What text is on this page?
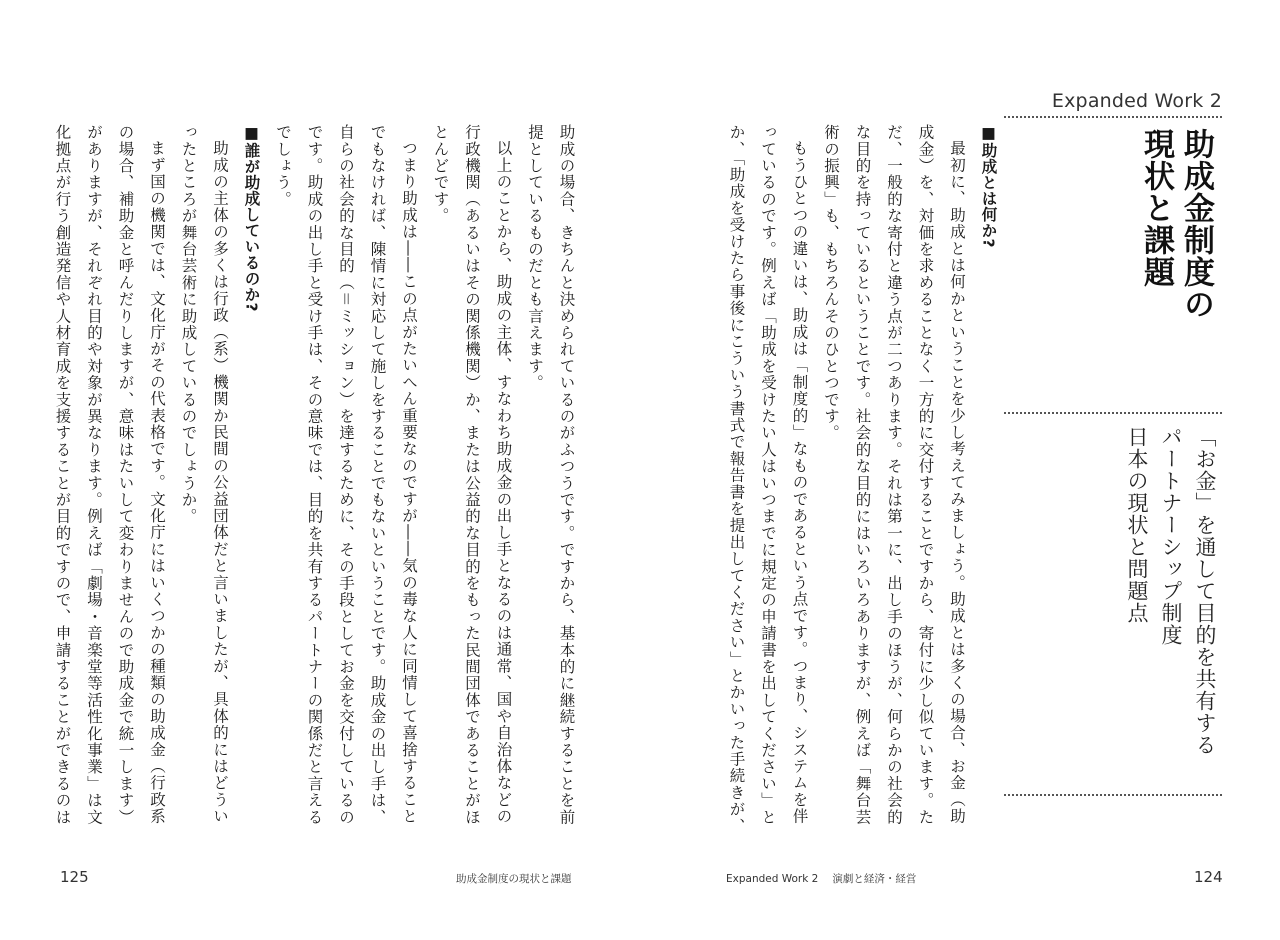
Expanded Work 2

助成金制度の

現状と課題

「お金」を通して目的を共有する

パートナーシップ制度

日本の現状と問題点

■助成とは何か?

最初に、助成とは何かということを少し考えてみましょう。助成とは多くの場合、お金（助

成金）を、対価を求めることなく一方的に交付することですから、寄付に少し似ています。た

だ、一般的な寄付と違う点が二つあります。それは第一に、出し手のほうが、何らかの社会的

な目的を持っているということです。社会的な目的にはいろいろありますが、例えば「舞台芸

術の振興」も、もちろんそのひとつです。

もうひとつの違いは、助成は「制度的」なものであるという点です。つまり、システムを伴

っているのです。例えば「助成を受けたい人はいつまでに規定の申請書を出してください」と

か、「助成を受けたら事後にこういう書式で報告書を提出してください」とかいった手続きが、

Expanded Work 2 演劇と経済・経営	124

助成の場合、きちんと決められているのがふつうです。ですから、基本的に継続することを前

提としているものだとも言えます。

以上のことから、助成の主体、すなわち助成金の出し手となるのは通常、国や自治体などの

行政機関（あるいはその関係機関）か、または公益的な目的をもった民間団体であることがほ

とんどです。

つまり助成は――この点がたいへん重要なのですが――気の毒な人に同情して喜捨すること

でもなければ、陳情に対応して施しをすることでもないということです。助成金の出し手は、

自らの社会的な目的（＝ミッション）を達するために、その手段としてお金を交付しているの

です。助成の出し手と受け手は、その意味では、目的を共有するパートナーの関係だと言える

でしょう。

■誰が助成しているのか?

助成の主体の多くは行政（系）機関か民間の公益団体だと言いましたが、具体的にはどうい

ったところが舞台芸術に助成しているのでしょうか。

まず国の機関では、文化庁がその代表格です。文化庁にはいくつかの種類の助成金（行政系

の場合、補助金と呼んだりしますが、意味はたいして変わりませんので助成金で統一します）

がありますが、それぞれ目的や対象が異なります。例えば「劇場・音楽堂等活性化事業」は文

化拠点が行う創造発信や人材育成を支援することが目的ですので、申請することができるのは

125	助成金制度の現状と課題
